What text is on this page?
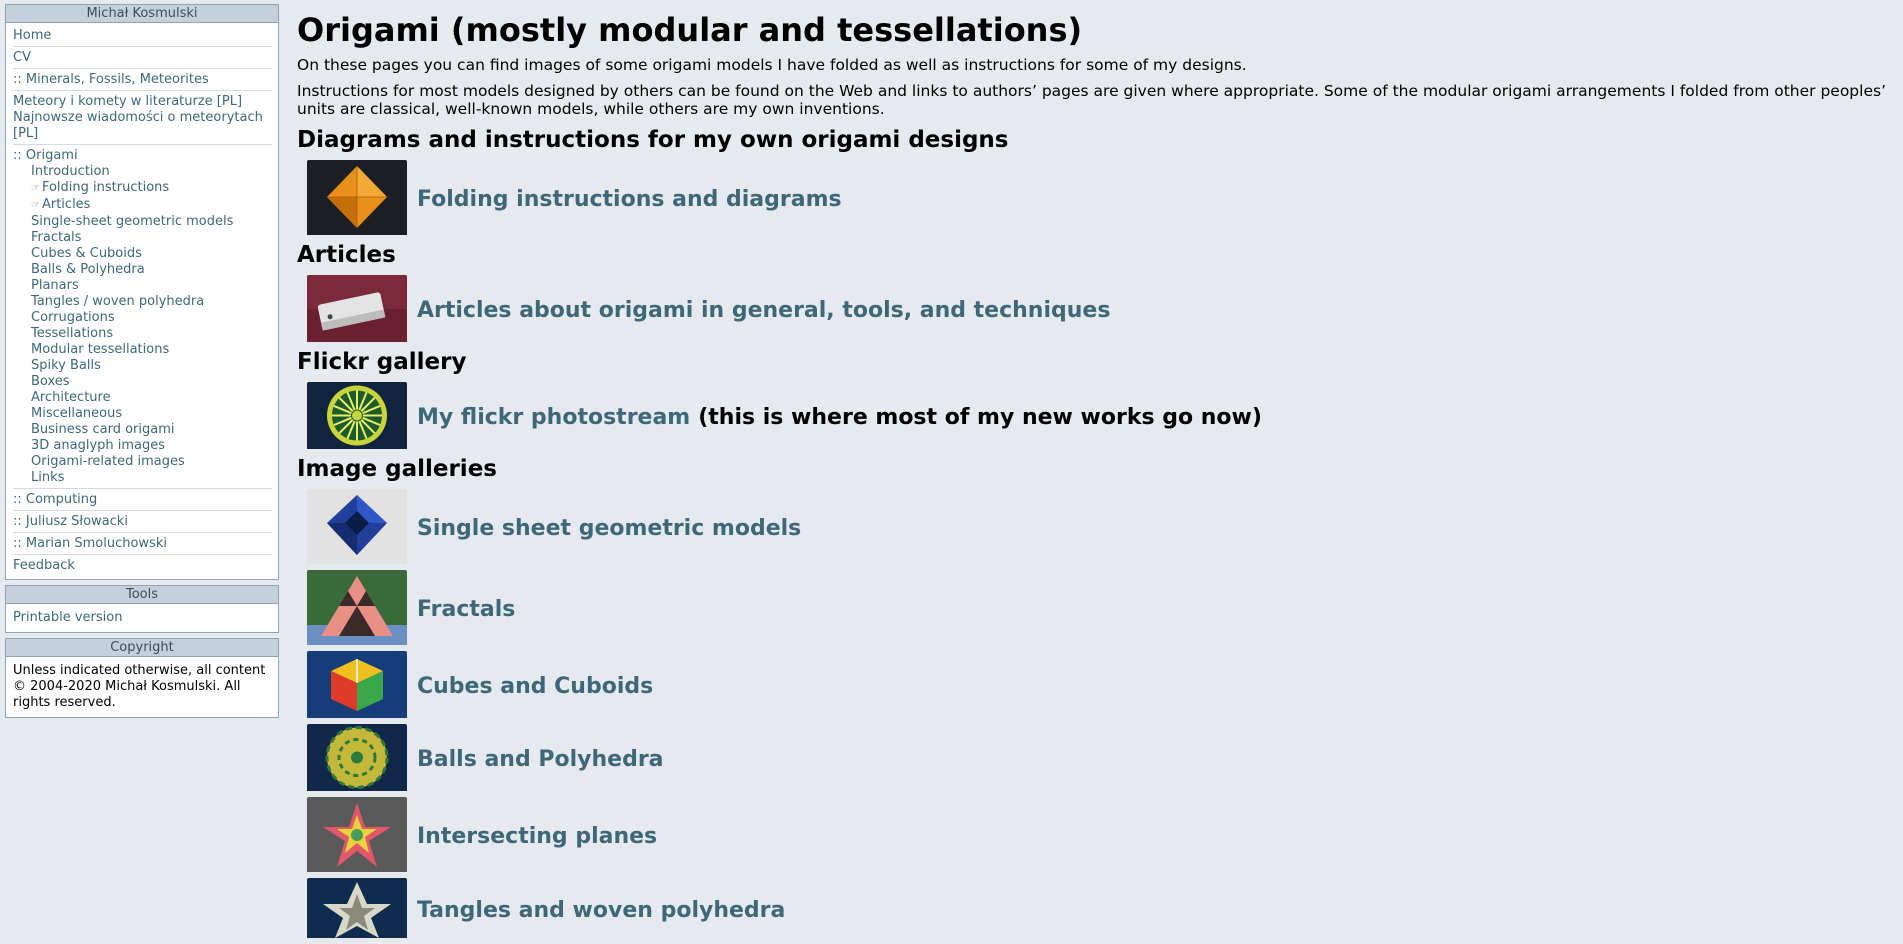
Michał Kosmulski
Home
CV
:: Minerals, Fossils, Meteorites
Meteory i komety w literaturze [PL]
Najnowsze wiadomości o meteorytach [PL]
:: Origami
Introduction
☞ Folding instructions
☞ Articles
Single-sheet geometric models
Fractals
Cubes & Cuboids
Balls & Polyhedra
Planars
Tangles / woven polyhedra
Corrugations
Tessellations
Modular tessellations
Spiky Balls
Boxes
Architecture
Miscellaneous
Business card origami
3D anaglyph images
Origami-related images
Links
:: Computing
:: Juliusz Słowacki
:: Marian Smoluchowski
Feedback
Tools
Printable version
Copyright
Unless indicated otherwise, all content © 2004-2020 Michał Kosmulski. All rights reserved.
Origami (mostly modular and tessellations)

On these pages you can find images of some origami models I have folded as well as instructions for some of my designs.

Instructions for most models designed by others can be found on the Web and links to authors’ pages are given where appropriate. Some of the modular origami arrangements I folded from other peoples’ units are classical, well-known models, while others are my own inventions.

Diagrams and instructions for my own origami designs
Folding instructions and diagrams
Articles
Articles about origami in general, tools, and techniques
Flickr gallery
My flickr photostream (this is where most of my new works go now)
Image galleries
Single sheet geometric models
Fractals
Cubes and Cuboids
Balls and Polyhedra
Intersecting planes
Tangles and woven polyhedra
